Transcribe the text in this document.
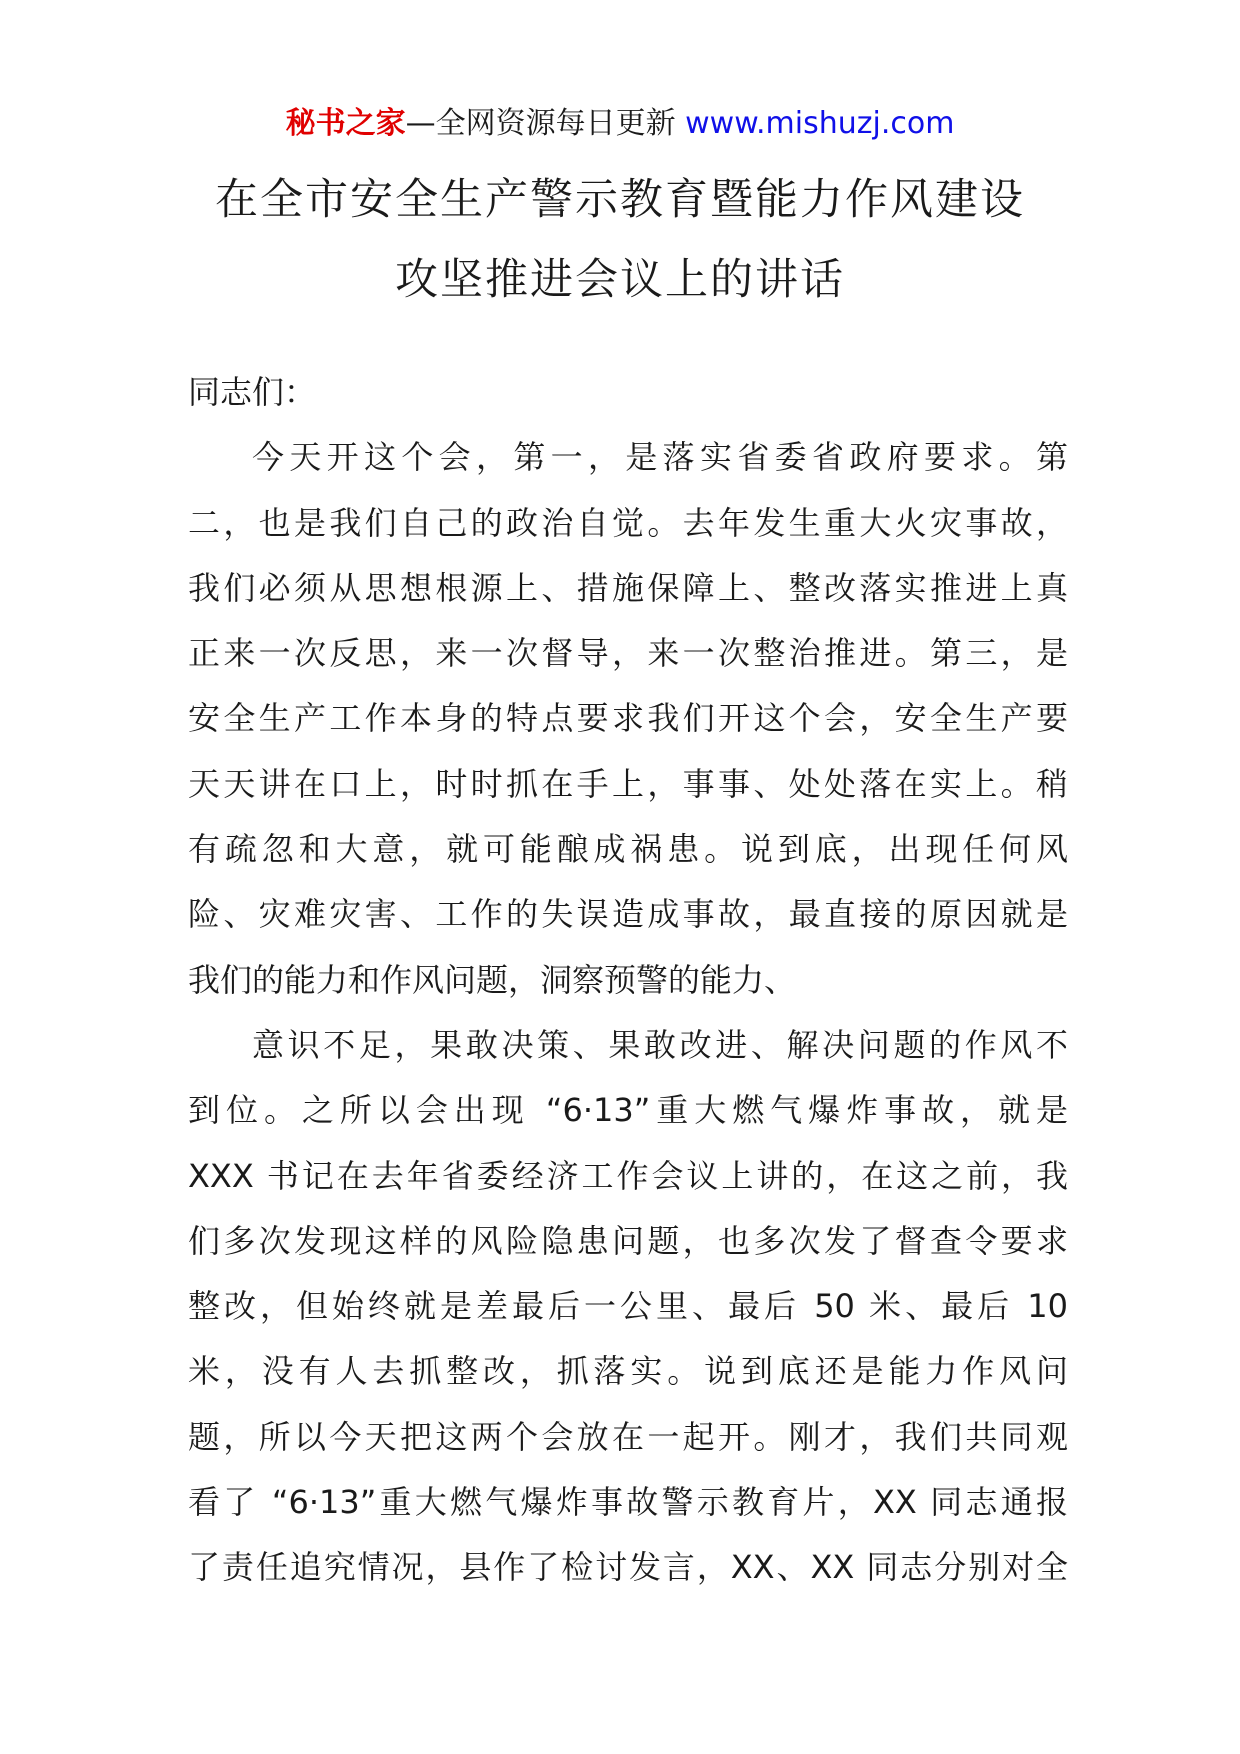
秘书之家—全网资源每日更新 www.mishuzj.com
在全市安全生产警示教育暨能力作风建设
攻坚推进会议上的讲话

同志们：

今天开这个会，第一，是落实省委省政府要求。第

二，也是我们自己的政治自觉。去年发生重大火灾事故，

我们必须从思想根源上、措施保障上、整改落实推进上真

正来一次反思，来一次督导，来一次整治推进。第三，是

安全生产工作本身的特点要求我们开这个会，安全生产要

天天讲在口上，时时抓在手上，事事、处处落在实上。稍

有疏忽和大意，就可能酿成祸患。说到底，出现任何风

险、灾难灾害、工作的失误造成事故，最直接的原因就是

我们的能力和作风问题，洞察预警的能力、

意识不足，果敢决策、果敢改进、解决问题的作风不

到位。之所以会出现 “6·13”重大燃气爆炸事故，就是

XXX 书记在去年省委经济工作会议上讲的，在这之前，我

们多次发现这样的风险隐患问题，也多次发了督查令要求

整改，但始终就是差最后一公里、最后 50 米、最后 10

米，没有人去抓整改，抓落实。说到底还是能力作风问

题，所以今天把这两个会放在一起开。刚才，我们共同观

看了 “6·13”重大燃气爆炸事故警示教育片，XX 同志通报

了责任追究情况，县作了检讨发言，XX、XX 同志分别对全
